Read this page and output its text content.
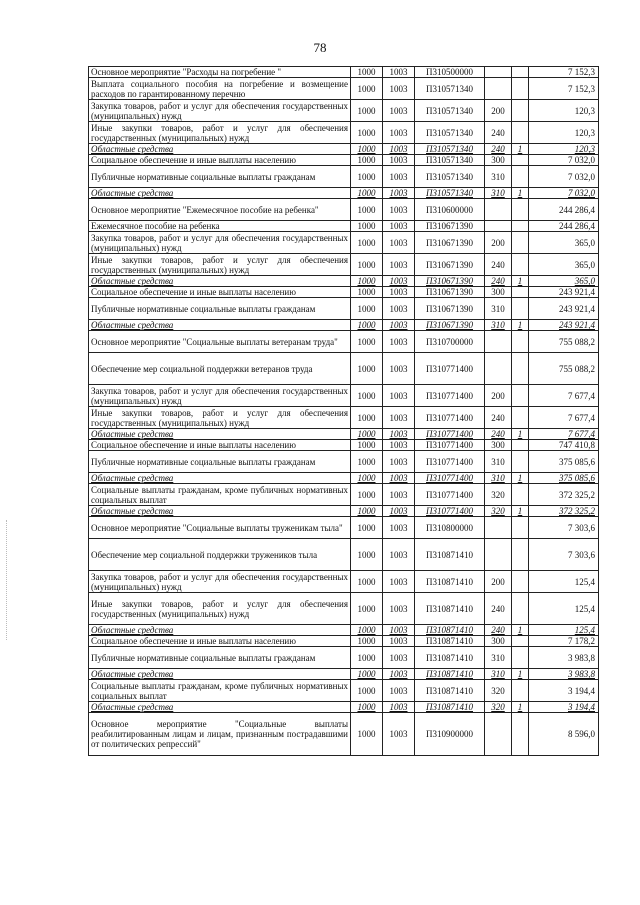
78
Основное мероприятие "Расходы на погребение "	1000	1003	П310500000			7 152,3
Выплата социального пособия на погребение и возмещение расходов по гарантированному перечню	1000	1003	П310571340			7 152,3
Закупка товаров, работ и услуг для обеспечения государственных (муниципальных) нужд	1000	1003	П310571340	200		120,3
Иные закупки товаров, работ и услуг для обеспечения государственных (муниципальных) нужд	1000	1003	П310571340	240		120,3
Областные средства	1000	1003	П310571340	240	1	120,3
Социальное обеспечение и иные выплаты населению	1000	1003	П310571340	300		7 032,0
Публичные нормативные социальные выплаты гражданам	1000	1003	П310571340	310		7 032,0
Областные средства	1000	1003	П310571340	310	1	7 032,0
Основное мероприятие "Ежемесячное пособие на ребенка"	1000	1003	П310600000			244 286,4
Ежемесячное пособие на ребенка	1000	1003	П310671390			244 286,4
Закупка товаров, работ и услуг для обеспечения государственных (муниципальных) нужд	1000	1003	П310671390	200		365,0
Иные закупки товаров, работ и услуг для обеспечения государственных (муниципальных) нужд	1000	1003	П310671390	240		365,0
Областные средства	1000	1003	П310671390	240	1	365,0
Социальное обеспечение и иные выплаты населению	1000	1003	П310671390	300		243 921,4
Публичные нормативные социальные выплаты гражданам	1000	1003	П310671390	310		243 921,4
Областные средства	1000	1003	П310671390	310	1	243 921,4
Основное мероприятие "Социальные выплаты ветеранам труда"	1000	1003	П310700000			755 088,2
Обеспечение мер социальной поддержки ветеранов труда	1000	1003	П310771400			755 088,2
Закупка товаров, работ и услуг для обеспечения государственных (муниципальных) нужд	1000	1003	П310771400	200		7 677,4
Иные закупки товаров, работ и услуг для обеспечения государственных (муниципальных) нужд	1000	1003	П310771400	240		7 677,4
Областные средства	1000	1003	П310771400	240	1	7 677,4
Социальное обеспечение и иные выплаты населению	1000	1003	П310771400	300		747 410,8
Публичные нормативные социальные выплаты гражданам	1000	1003	П310771400	310		375 085,6
Областные средства	1000	1003	П310771400	310	1	375 085,6
Социальные выплаты гражданам, кроме публичных нормативных социальных выплат	1000	1003	П310771400	320		372 325,2
Областные средства	1000	1003	П310771400	320	1	372 325,2
Основное мероприятие "Социальные выплаты труженикам тыла"	1000	1003	П310800000			7 303,6
Обеспечение мер социальной поддержки тружеников тыла	1000	1003	П310871410			7 303,6
Закупка товаров, работ и услуг для обеспечения государственных (муниципальных) нужд	1000	1003	П310871410	200		125,4
Иные закупки товаров, работ и услуг для обеспечения государственных (муниципальных) нужд	1000	1003	П310871410	240		125,4
Областные средства	1000	1003	П310871410	240	1	125,4
Социальное обеспечение и иные выплаты населению	1000	1003	П310871410	300		7 178,2
Публичные нормативные социальные выплаты гражданам	1000	1003	П310871410	310		3 983,8
Областные средства	1000	1003	П310871410	310	1	3 983,8
Социальные выплаты гражданам, кроме публичных нормативных социальных выплат	1000	1003	П310871410	320		3 194,4
Областные средства	1000	1003	П310871410	320	1	3 194,4
Основное мероприятие "Социальные выплаты реабилитированным лицам и лицам, признанным пострадавшими от политических репрессий"	1000	1003	П310900000			8 596,0
